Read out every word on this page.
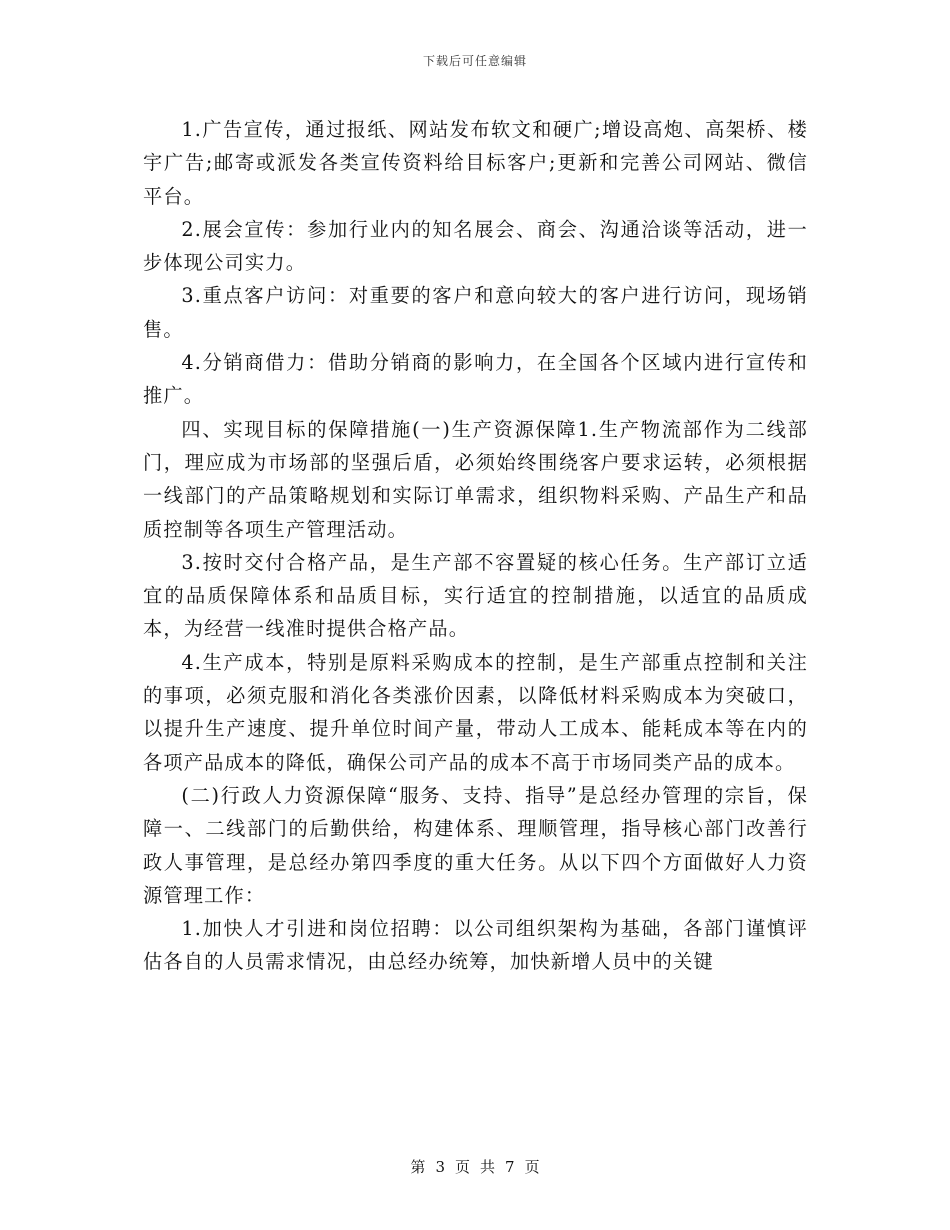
下载后可任意编辑

1.广告宣传，通过报纸、网站发布软文和硬广;增设高炮、高架桥、楼宇广告;邮寄或派发各类宣传资料给目标客户;更新和完善公司网站、微信平台。

2.展会宣传：参加行业内的知名展会、商会、沟通洽谈等活动，进一步体现公司实力。

3.重点客户访问：对重要的客户和意向较大的客户进行访问，现场销售。

4.分销商借力：借助分销商的影响力，在全国各个区域内进行宣传和推广。

四、实现目标的保障措施(一)生产资源保障1.生产物流部作为二线部门，理应成为市场部的坚强后盾，必须始终围绕客户要求运转，必须根据一线部门的产品策略规划和实际订单需求，组织物料采购、产品生产和品质控制等各项生产管理活动。

3.按时交付合格产品，是生产部不容置疑的核心任务。生产部订立适宜的品质保障体系和品质目标，实行适宜的控制措施，以适宜的品质成本，为经营一线准时提供合格产品。

4.生产成本，特别是原料采购成本的控制，是生产部重点控制和关注的事项，必须克服和消化各类涨价因素，以降低材料采购成本为突破口，以提升生产速度、提升单位时间产量，带动人工成本、能耗成本等在内的各项产品成本的降低，确保公司产品的成本不高于市场同类产品的成本。

(二)行政人力资源保障“服务、支持、指导”是总经办管理的宗旨，保障一、二线部门的后勤供给，构建体系、理顺管理，指导核心部门改善行政人事管理，是总经办第四季度的重大任务。从以下四个方面做好人力资源管理工作：

1.加快人才引进和岗位招聘：以公司组织架构为基础，各部门谨慎评估各自的人员需求情况，由总经办统筹，加快新增人员中的关键

第 3 页 共 7 页
